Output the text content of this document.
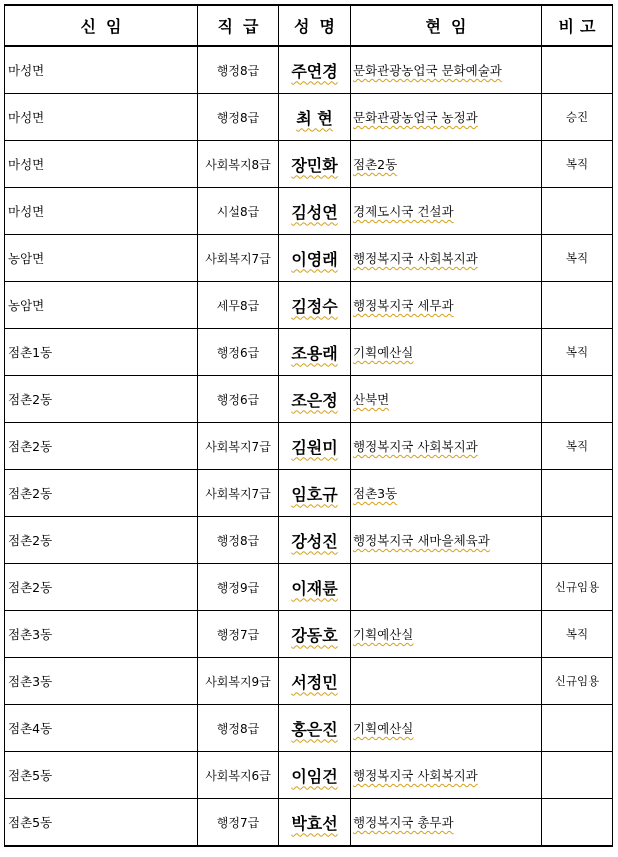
신임	직급	성명	현임	비고
마성면	행정8급	주연경	문화관광농업국 문화예술과	
마성면	행정8급	최 현	문화관광농업국 농정과	승진
마성면	사회복지8급	장민화	점촌2동	복직
마성면	시설8급	김성연	경제도시국 건설과	
농암면	사회복지7급	이영래	행정복지국 사회복지과	복직
농암면	세무8급	김정수	행정복지국 세무과	
점촌1동	행정6급	조용래	기획예산실	복직
점촌2동	행정6급	조은정	산북면	
점촌2동	사회복지7급	김원미	행정복지국 사회복지과	복직
점촌2동	사회복지7급	임호규	점촌3동	
점촌2동	행정8급	강성진	행정복지국 새마을체육과	
점촌2동	행정9급	이재륜		신규임용
점촌3동	행정7급	강동호	기획예산실	복직
점촌3동	사회복지9급	서정민		신규임용
점촌4동	행정8급	홍은진	기획예산실	
점촌5동	사회복지6급	이임건	행정복지국 사회복지과	
점촌5동	행정7급	박효선	행정복지국 총무과	
